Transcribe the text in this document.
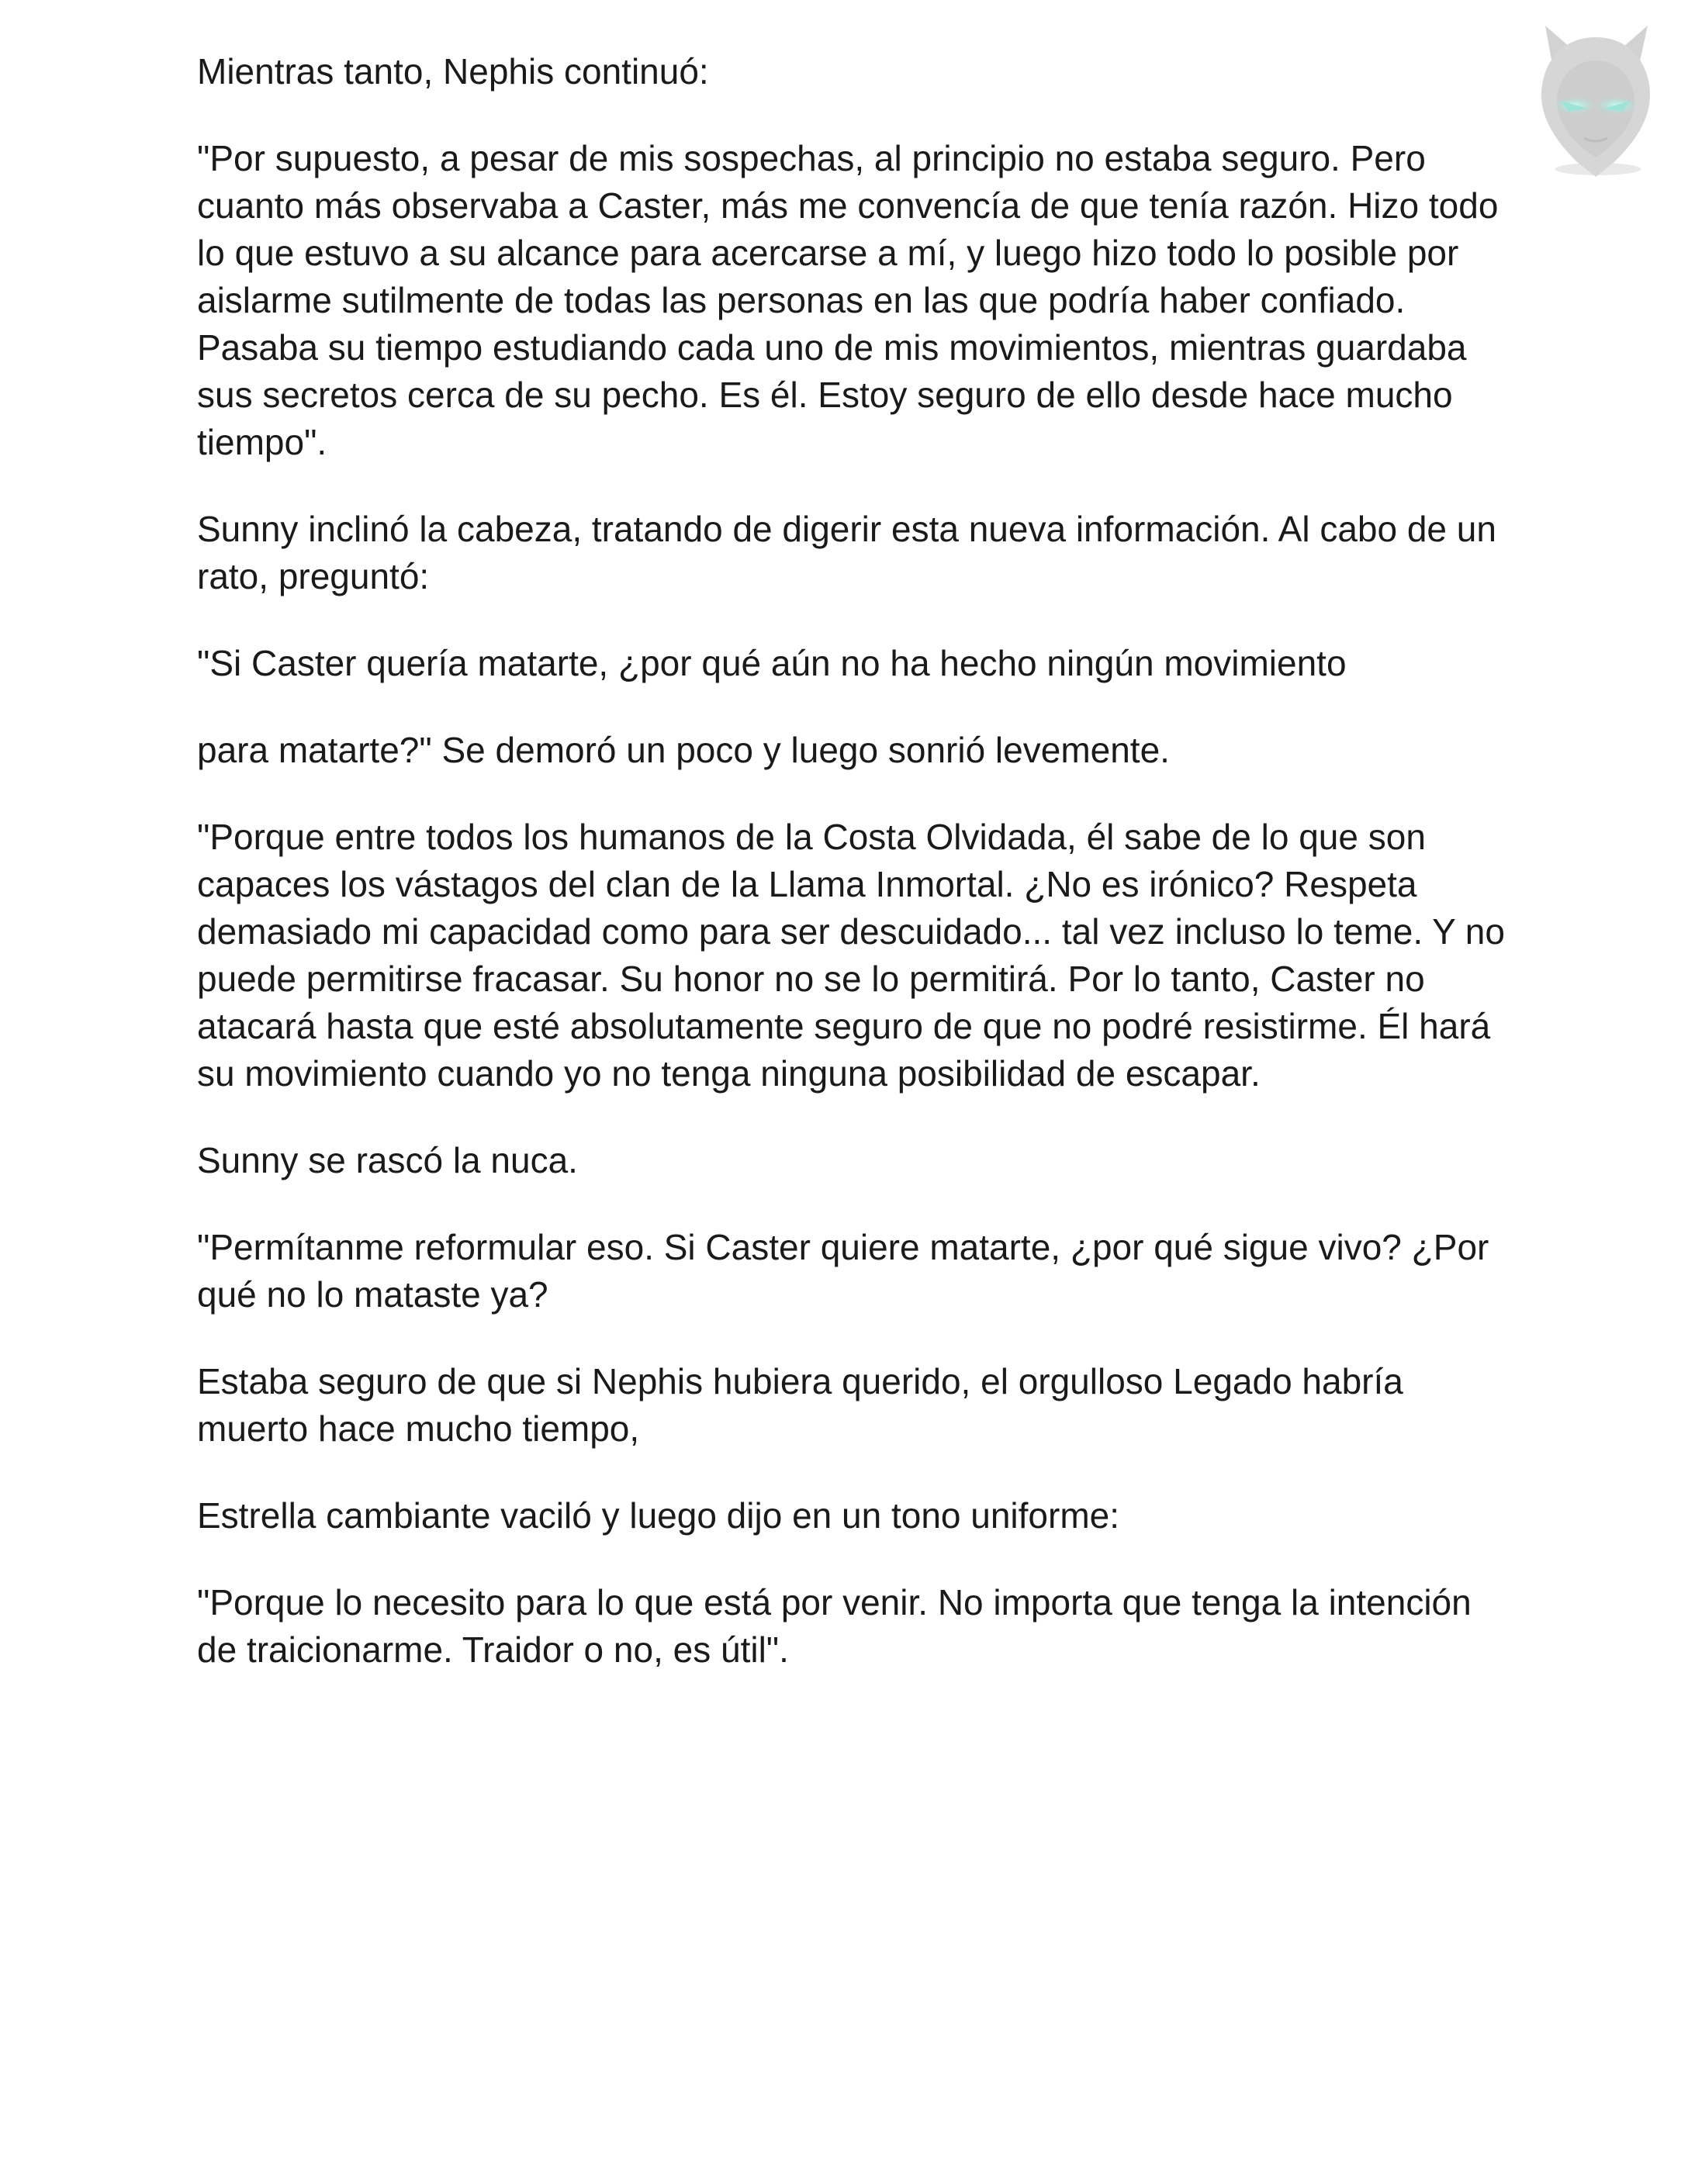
Mientras tanto, Nephis continuó:

"Por supuesto, a pesar de mis sospechas, al principio no estaba seguro. Pero cuanto más observaba a Caster, más me convencía de que tenía razón. Hizo todo lo que estuvo a su alcance para acercarse a mí, y luego hizo todo lo posible por aislarme sutilmente de todas las personas en las que podría haber confiado. Pasaba su tiempo estudiando cada uno de mis movimientos, mientras guardaba sus secretos cerca de su pecho. Es él. Estoy seguro de ello desde hace mucho tiempo".

Sunny inclinó la cabeza, tratando de digerir esta nueva información. Al cabo de un rato, preguntó:

"Si Caster quería matarte, ¿por qué aún no ha hecho ningún movimiento

para matarte?" Se demoró un poco y luego sonrió levemente.

"Porque entre todos los humanos de la Costa Olvidada, él sabe de lo que son capaces los vástagos del clan de la Llama Inmortal. ¿No es irónico? Respeta demasiado mi capacidad como para ser descuidado... tal vez incluso lo teme. Y no puede permitirse fracasar. Su honor no se lo permitirá. Por lo tanto, Caster no atacará hasta que esté absolutamente seguro de que no podré resistirme. Él hará su movimiento cuando yo no tenga ninguna posibilidad de escapar.

Sunny se rascó la nuca.

"Permítanme reformular eso. Si Caster quiere matarte, ¿por qué sigue vivo? ¿Por qué no lo mataste ya?

Estaba seguro de que si Nephis hubiera querido, el orgulloso Legado habría muerto hace mucho tiempo,

Estrella cambiante vaciló y luego dijo en un tono uniforme:

"Porque lo necesito para lo que está por venir. No importa que tenga la intención de traicionarme. Traidor o no, es útil".
